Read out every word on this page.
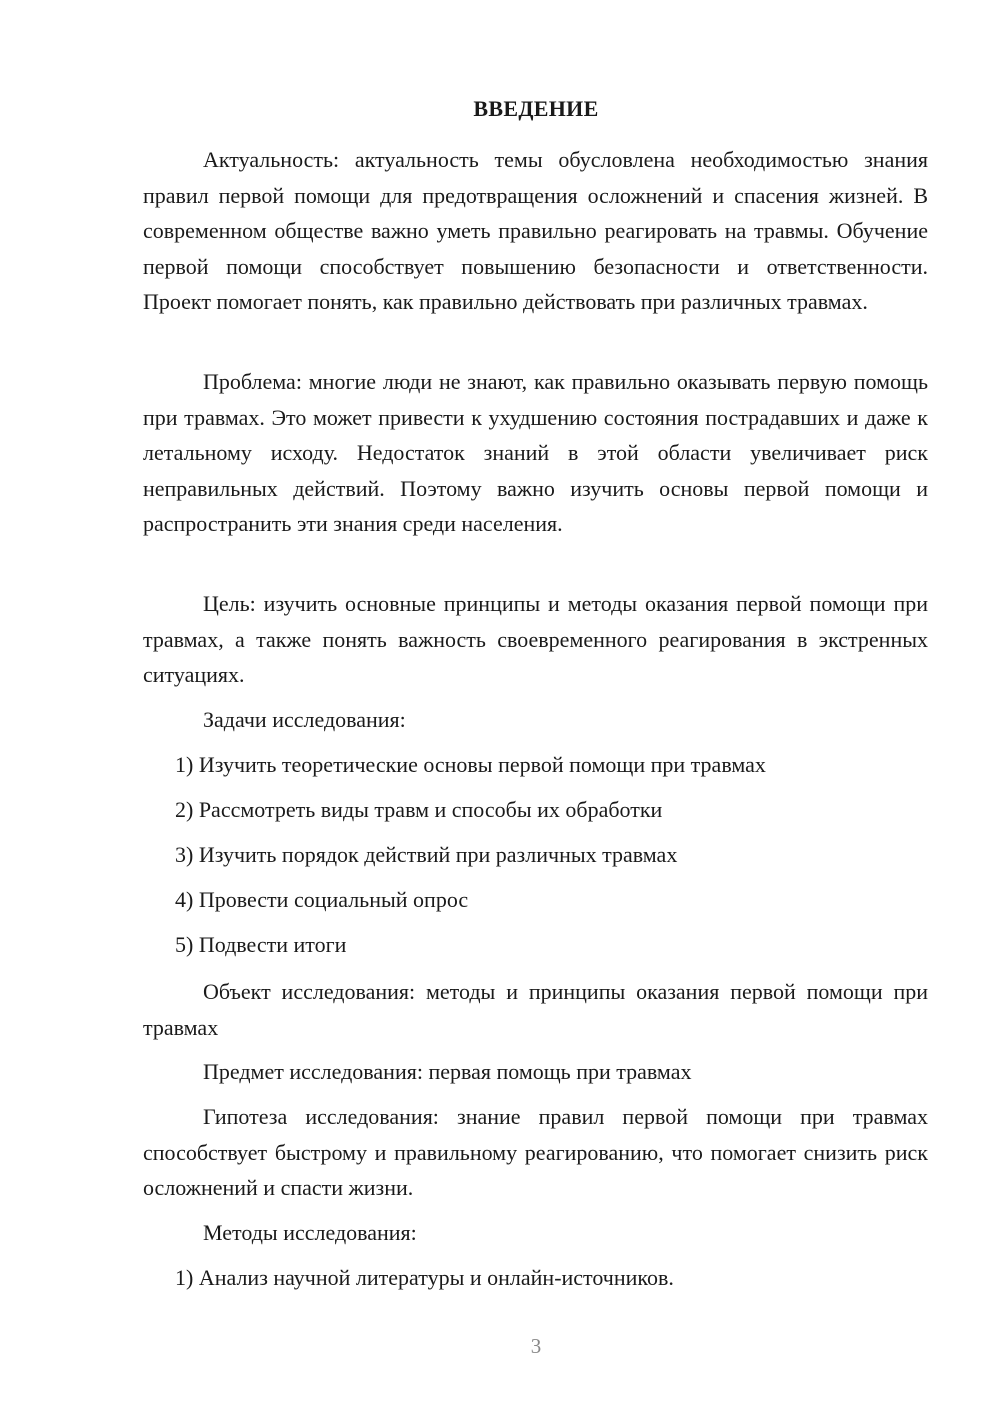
ВВЕДЕНИЕ
Актуальность: актуальность темы обусловлена необходимостью знания правил первой помощи для предотвращения осложнений и спасения жизней. В современном обществе важно уметь правильно реагировать на травмы. Обучение первой помощи способствует повышению безопасности и ответственности. Проект помогает понять, как правильно действовать при различных травмах.
Проблема: многие люди не знают, как правильно оказывать первую помощь при травмах. Это может привести к ухудшению состояния пострадавших и даже к летальному исходу. Недостаток знаний в этой области увеличивает риск неправильных действий. Поэтому важно изучить основы первой помощи и распространить эти знания среди населения.
Цель: изучить основные принципы и методы оказания первой помощи при травмах, а также понять важность своевременного реагирования в экстренных ситуациях.
Задачи исследования:
1) Изучить теоретические основы первой помощи при травмах
2) Рассмотреть виды травм и способы их обработки
3) Изучить порядок действий при различных травмах
4) Провести социальный опрос
5) Подвести итоги
Объект исследования: методы и принципы оказания первой помощи при травмах
Предмет исследования: первая помощь при травмах
Гипотеза исследования: знание правил первой помощи при травмах способствует быстрому и правильному реагированию, что помогает снизить риск осложнений и спасти жизни.
Методы исследования:
1) Анализ научной литературы и онлайн-источников.
3
